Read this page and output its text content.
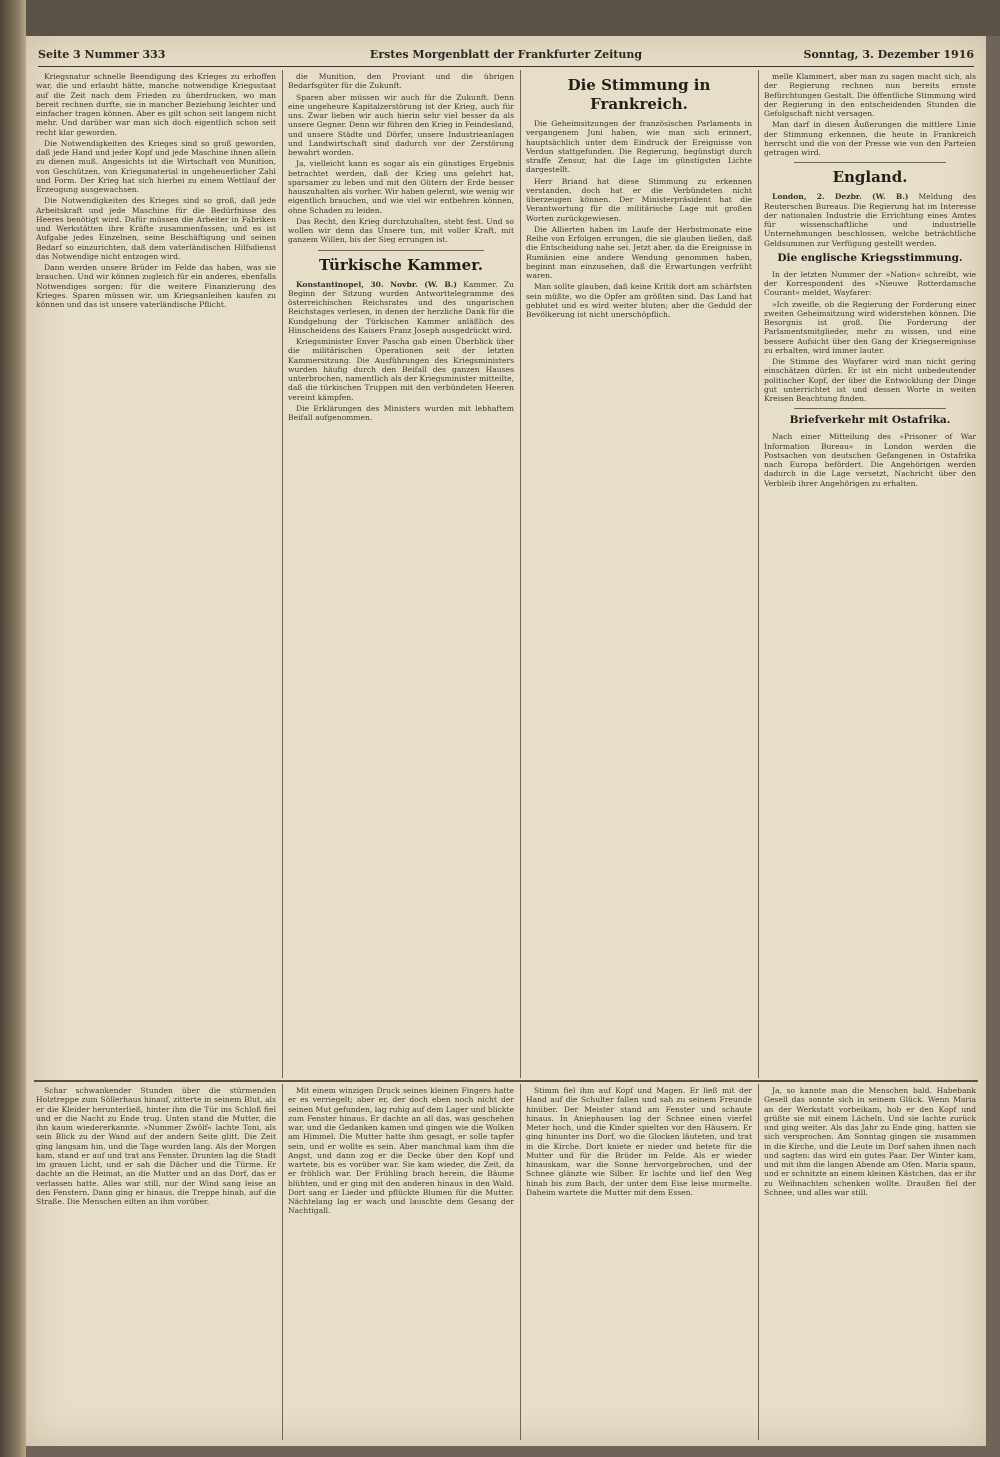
Seite 3 Nummer 333	Erstes Morgenblatt der Frankfurter Zeitung	Sonntag, 3. Dezember 1916

Kriegsnatur schnelle Beendigung des Krieges zu erhoffen war, die und erlaubt hätte, manche notwendige Kriegsstaat auf die Zeit nach dem Frieden zu überdrucken, wo man bereit rechnen durfte, sie in mancher Beziehung leichter und einfacher tragen können. Aber es gilt schon seit langem nicht mehr. Und darüber war man sich doch eigentlich schon seit recht klar geworden.

Die Notwendigkeiten des Krieges sind so groß geworden, daß jede Hand und jeder Kopf und jede Maschine ihnen allein zu dienen muß. Angesichts ist die Wirtschaft von Munition, von Geschützen, von Kriegsmaterial in ungeheuerlicher Zahl und Form. Der Krieg hat sich hierbei zu einem Wettlauf der Erzeugung ausgewachsen.

Die Notwendigkeiten des Krieges sind so groß, daß jede Arbeitskraft und jede Maschine für die Bedürfnisse des Heeres benötigt wird. Dafür müssen die Arbeiter in Fabriken und Werkstätten ihre Kräfte zusammenfassen, und es ist Aufgabe jedes Einzelnen, seine Beschäftigung und seinen Bedarf so einzurichten, daß dem vaterländischen Hilfsdienst das Notwendige nicht entzogen wird.

Dann werden unsere Brüder im Felde das haben, was sie brauchen. Und wir können zugleich für ein anderes, ebenfalls Notwendiges sorgen: für die weitere Finanzierung des Krieges. Sparen müssen wir, um Kriegsanleihen kaufen zu können und das ist unsere vaterländische Pflicht.

die Munition, den Proviant und die übrigen Bedarfsgüter für die Zukunft.

Sparen aber müssen wir auch für die Zukunft. Denn eine ungeheure Kapitalzerstörung ist der Krieg, auch für uns. Zwar lieben wir auch hierin sehr viel besser da als unsere Gegner. Denn wir führen den Krieg in Feindesland, und unsere Städte und Dörfer, unsere Industrieanlagen und Landwirtschaft sind dadurch vor der Zerstörung bewahrt worden.

Ja, vielleicht kann es sogar als ein günstiges Ergebnis betrachtet werden, daß der Krieg uns gelehrt hat, sparsamer zu leben und mit den Gütern der Erde besser hauszuhalten als vorher. Wir haben gelernt, wie wenig wir eigentlich brauchen, und wie viel wir entbehren können, ohne Schaden zu leiden.

Das Recht, den Krieg durchzuhalten, steht fest. Und so wollen wir denn das Unsere tun, mit voller Kraft, mit ganzem Willen, bis der Sieg errungen ist.

Türkische Kammer.

Konstantinopel, 30. Novbr. (W. B.) Kammer. Zu Beginn der Sitzung wurden Antworttelegramme des österreichischen Reichsrates und des ungarischen Reichstages verlesen, in denen der herzliche Dank für die Kundgebung der Türkischen Kammer anläßlich des Hinscheidens des Kaisers Franz Joseph ausgedrückt wird.

Kriegsminister Enver Pascha gab einen Überblick über die militärischen Operationen seit der letzten Kammersitzung. Die Ausführungen des Kriegsministers wurden häufig durch den Beifall des ganzen Hauses unterbrochen, namentlich als der Kriegsminister mitteilte, daß die türkischen Truppen mit den verbündeten Heeren vereint kämpfen.

Die Erklärungen des Ministers wurden mit lebhaftem Beifall aufgenommen.

Die Stimmung in Frankreich.

Die Geheimsitzungen der französischen Parlaments in vergangenem Juni haben, wie man sich erinnert, hauptsächlich unter dem Eindruck der Ereignisse von Verdun stattgefunden. Die Regierung, begünstigt durch straffe Zensur, hat die Lage im günstigsten Lichte dargestellt.

Herr Briand hat diese Stimmung zu erkennen verstanden, doch hat er die Verbündeten nicht überzeugen können. Der Ministerpräsident hat die Verantwortung für die militärische Lage mit großen Worten zurückgewiesen.

Die Allierten haben im Laufe der Herbstmonate eine Reihe von Erfolgen errungen, die sie glauben ließen, daß die Entscheidung nahe sei. Jetzt aber, da die Ereignisse in Rumänien eine andere Wendung genommen haben, beginnt man einzusehen, daß die Erwartungen verfrüht waren.

Man sollte glauben, daß keine Kritik dort am schärfsten sein müßte, wo die Opfer am größten sind. Das Land hat geblutet und es wird weiter bluten; aber die Geduld der Bevölkerung ist nicht unerschöpflich.

melle Klammert, aber man zu sagen macht sich, als der Regierung rechnen nun bereits ernste Befürchtungen Gestalt. Die öffentliche Stimmung wird der Regierung in den entscheidenden Stunden die Gefolgschaft nicht versagen.

Man darf in diesen Äußerungen die mittlere Linie der Stimmung erkennen, die heute in Frankreich herrscht und die von der Presse wie von den Parteien getragen wird.

England.

London, 2. Dezbr. (W. B.) Meldung des Reuterschen Bureaus. Die Regierung hat im Interesse der nationalen Industrie die Errichtung eines Amtes für wissenschaftliche und industrielle Unternehmungen beschlossen, welche beträchtliche Geldsummen zur Verfügung gestellt werden.

Die englische Kriegsstimmung.

In der letzten Nummer der »Nation« schreibt, wie der Korrespondent des »Nieuwe Rotterdamsche Courant« meldet, Wayfarer:

»Ich zweifle, ob die Regierung der Forderung einer zweiten Geheimsitzung wird widerstehen können. Die Besorgnis ist groß. Die Forderung der Parlamentsmitglieder, mehr zu wissen, und eine bessere Aufsicht über den Gang der Kriegsereignisse zu erhalten, wird immer lauter.

Die Stimme des Wayfarer wird man nicht gering einschätzen dürfen. Er ist ein nicht unbedeutender politischer Kopf, der über die Entwicklung der Dinge gut unterrichtet ist und dessen Worte in weiten Kreisen Beachtung finden.

Briefverkehr mit Ostafrika.

Nach einer Mitteilung des »Prisoner of War Information Bureau« in London werden die Postsachen von deutschen Gefangenen in Ostafrika nach Europa befördert. Die Angehörigen werden dadurch in die Lage versetzt, Nachricht über den Verbleib ihrer Angehörigen zu erhalten.

Schar schwankender Stunden über die stürmenden Holztreppe zum Söllerhaus hinauf, zitterte in seinem Blut, als er die Kleider herunterließ, hinter ihm die Tür ins Schloß fiel und er die Nacht zu Ende trug. Unten stand die Mutter, die ihn kaum wiedererkannte. »Nummer Zwölf« lachte Toni, als sein Blick zu der Wand auf der andern Seite glitt. Die Zeit ging langsam hin, und die Tage wurden lang. Als der Morgen kam, stand er auf und trat ans Fenster. Drunten lag die Stadt im grauen Licht, und er sah die Dächer und die Türme. Er dachte an die Heimat, an die Mutter und an das Dorf, das er verlassen hatte. Alles war still, nur der Wind sang leise an den Fenstern. Dann ging er hinaus, die Treppe hinab, auf die Straße. Die Menschen eilten an ihm vorüber.

Mit einem winzigen Druck seines kleinen Fingers hatte er es verriegelt; aber er, der doch eben noch nicht der seinen Mut gefunden, lag ruhig auf dem Lager und blickte zum Fenster hinaus. Er dachte an all das, was geschehen war, und die Gedanken kamen und gingen wie die Wolken am Himmel. Die Mutter hatte ihm gesagt, er solle tapfer sein, und er wollte es sein. Aber manchmal kam ihm die Angst, und dann zog er die Decke über den Kopf und wartete, bis es vorüber war. Sie kam wieder, die Zeit, da er fröhlich war. Der Frühling brach herein, die Bäume blühten, und er ging mit den anderen hinaus in den Wald. Dort sang er Lieder und pflückte Blumen für die Mutter. Nächtelang lag er wach und lauschte dem Gesang der Nachtigall.

Stimm fiel ihm auf Kopf und Magen. Er ließ mit der Hand auf die Schulter fallen und sah zu seinem Freunde hinüber. Der Meister stand am Fenster und schaute hinaus. In Aniephausen lag der Schnee einen vierfel Meter hoch, und die Kinder spielten vor den Häusern. Er ging hinunter ins Dorf, wo die Glocken läuteten, und trat in die Kirche. Dort kniete er nieder und betete für die Mutter und für die Brüder im Felde. Als er wieder hinauskam, war die Sonne hervorgebrochen, und der Schnee glänzte wie Silber. Er lachte und lief den Weg hinab bis zum Bach, der unter dem Eise leise murmelte. Daheim wartete die Mutter mit dem Essen.

Ja, so kannte man die Menschen bald. Habebank Gesell das sonnte sich in seinem Glück. Wenn Maria an der Werkstatt vorbeikam, hob er den Kopf und grüßte sie mit einem Lächeln. Und sie lachte zurück und ging weiter. Als das Jahr zu Ende ging, hatten sie sich versprochen. Am Sonntag gingen sie zusammen in die Kirche, und die Leute im Dorf sahen ihnen nach und sagten: das wird ein gutes Paar. Der Winter kam, und mit ihm die langen Abende am Ofen. Maria spann, und er schnitzte an einem kleinen Kästchen, das er ihr zu Weihnachten schenken wollte. Draußen fiel der Schnee, und alles war still.
